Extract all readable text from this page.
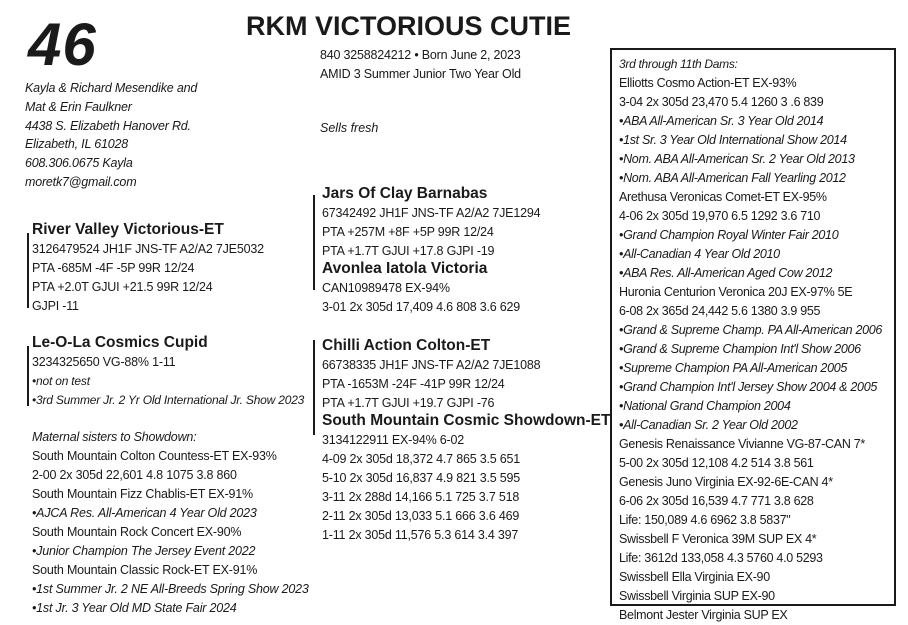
46	RKM VICTORIOUS CUTIE
Kayla & Richard Mesendike and
Mat & Erin Faulkner
4438 S. Elizabeth Hanover Rd.
Elizabeth, IL 61028
608.306.0675 Kayla
moretk7@gmail.com
840 3258824212 • Born June 2, 2023
AMID 3 Summer Junior Two Year Old
Sells fresh
River Valley Victorious-ET
3126479524 JH1F JNS-TF A2/A2 7JE5032
PTA -685M -4F -5P 99R 12/24
PTA +2.0T GJUI +21.5 99R 12/24
GJPI -11
Le-O-La Cosmics Cupid
3234325650 VG-88% 1-11
•not on test
•3rd Summer Jr. 2 Yr Old International Jr. Show 2023
Maternal sisters to Showdown:
South Mountain Colton Countess-ET EX-93%
2-00 2x 305d 22,601 4.8 1075 3.8 860
South Mountain Fizz Chablis-ET EX-91%
•AJCA Res. All-American 4 Year Old 2023
South Mountain Rock Concert EX-90%
•Junior Champion The Jersey Event 2022
South Mountain Classic Rock-ET EX-91%
•1st Summer Jr. 2 NE All-Breeds Spring Show 2023
•1st Jr. 3 Year Old MD State Fair 2024
Jars Of Clay Barnabas
67342492 JH1F JNS-TF A2/A2 7JE1294
PTA +257M +8F +5P 99R 12/24
PTA +1.7T GJUI +17.8 GJPI -19
Avonlea Iatola Victoria
CAN10989478 EX-94%
3-01 2x 305d 17,409 4.6 808 3.6 629
Chilli Action Colton-ET
66738335 JH1F JNS-TF A2/A2 7JE1088
PTA -1653M -24F -41P 99R 12/24
PTA +1.7T GJUI +19.7 GJPI -76
South Mountain Cosmic Showdown-ET
3134122911 EX-94% 6-02
4-09 2x 305d 18,372 4.7 865 3.5 651
5-10 2x 305d 16,837 4.9 821 3.5 595
3-11 2x 288d 14,166 5.1 725 3.7 518
2-11 2x 305d 13,033 5.1 666 3.6 469
1-11 2x 305d 11,576 5.3 614 3.4 397
3rd through 11th Dams:
Elliotts Cosmo Action-ET EX-93%
3-04 2x 305d 23,470 5.4 1260 3 .6 839
•ABA All-American Sr. 3 Year Old 2014
•1st Sr. 3 Year Old International Show 2014
•Nom. ABA All-American Sr. 2 Year Old 2013
•Nom. ABA All-American Fall Yearling 2012
Arethusa Veronicas Comet-ET EX-95%
4-06 2x 305d 19,970 6.5 1292 3.6 710
•Grand Champion Royal Winter Fair 2010
•All-Canadian 4 Year Old 2010
•ABA Res. All-American Aged Cow 2012
Huronia Centurion Veronica 20J EX-97% 5E
6-08 2x 365d 24,442 5.6 1380 3.9 955
•Grand & Supreme Champ. PA All-American 2006
•Grand & Supreme Champion Int'l Show 2006
•Supreme Champion PA All-American 2005
•Grand Champion Int'l Jersey Show 2004 & 2005
•National Grand Champion 2004
•All-Canadian Sr. 2 Year Old 2002
Genesis Renaissance Vivianne VG-87-CAN 7*
5-00 2x 305d 12,108 4.2 514 3.8 561
Genesis Juno Virginia EX-92-6E-CAN 4*
6-06 2x 305d 16,539 4.7 771 3.8 628
Life: 150,089 4.6 6962 3.8 5837"
Swissbell F Veronica 39M SUP EX 4*
Life: 3612d 133,058 4.3 5760 4.0 5293
Swissbell Ella Virginia EX-90
Swissbell Virginia SUP EX-90
Belmont Jester Virginia SUP EX
